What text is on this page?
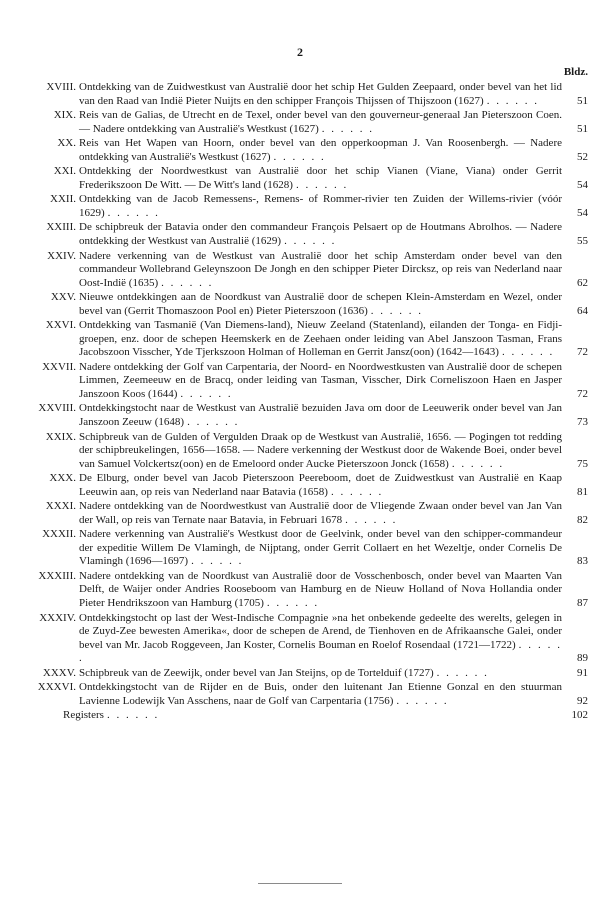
2
Bldz.
XVIII. Ontdekking van de Zuidwestkust van Australië door het schip Het Gulden Zeepaard, onder bevel van het lid van den Raad van Indië Pieter Nuijts en den schipper François Thijssen of Thijszoon (1627) . . . . . .	51
XIX. Reis van de Galias, de Utrecht en de Texel, onder bevel van den gouverneur-generaal Jan Pieterszoon Coen. — Nadere ontdekking van Australië's Westkust (1627) . . . . . .	51
XX. Reis van Het Wapen van Hoorn, onder bevel van den opperkoopman J. Van Roosenbergh. — Nadere ontdekking van Australië's Westkust (1627) . . . . . .	52
XXI. Ontdekking der Noordwestkust van Australië door het schip Vianen (Viane, Viana) onder Gerrit Frederikszoon De Witt. — De Witt's land (1628) . . . . . .	54
XXII. Ontdekking van de Jacob Remessens-, Remens- of Rommer-rivier ten Zuiden der Willems-rivier (vóór 1629) . . . . . .	54
XXIII. De schipbreuk der Batavia onder den commandeur François Pelsaert op de Houtmans Abrolhos. — Nadere ontdekking der Westkust van Australië (1629) . . . . . .	55
XXIV. Nadere verkenning van de Westkust van Australië door het schip Amsterdam onder bevel van den commandeur Wollebrand Geleynszoon De Jongh en den schipper Pieter Dircksz, op reis van Nederland naar Oost-Indië (1635) . . . . . .	62
XXV. Nieuwe ontdekkingen aan de Noordkust van Australië door de schepen Klein-Amsterdam en Wezel, onder bevel van (Gerrit Thomaszoon Pool en) Pieter Pieterszoon (1636) . . . . . .	64
XXVI. Ontdekking van Tasmanië (Van Diemens-land), Nieuw Zeeland (Statenland), eilanden der Tonga- en Fidji-groepen, enz. door de schepen Heemskerk en de Zeehaen onder leiding van Abel Janszoon Tasman, Frans Jacobszoon Visscher, Yde Tjerkszoon Holman of Holleman en Gerrit Jansz(oon) (1642—1643) . . . . . .	72
XXVII. Nadere ontdekking der Golf van Carpentaria, der Noord- en Noordwestkusten van Australië door de schepen Limmen, Zeemeeuw en de Bracq, onder leiding van Tasman, Visscher, Dirk Corneliszoon Haen en Jasper Janszoon Koos (1644) . . . . . .	72
XXVIII. Ontdekkingstocht naar de Westkust van Australië bezuiden Java om door de Leeuwerik onder bevel van Jan Janszoon Zeeuw (1648) . . . . . .	73
XXIX. Schipbreuk van de Gulden of Vergulden Draak op de Westkust van Australië, 1656. — Pogingen tot redding der schipbreukelingen, 1656—1658. — Nadere verkenning der Westkust door de Wakende Boei, onder bevel van Samuel Volckertsz(oon) en de Emeloord onder Aucke Pieterszoon Jonck (1658) . . . . . .	75
XXX. De Elburg, onder bevel van Jacob Pieterszoon Peereboom, doet de Zuidwestkust van Australië en Kaap Leeuwin aan, op reis van Nederland naar Batavia (1658) . . . . . .	81
XXXI. Nadere ontdekking van de Noordwestkust van Australië door de Vliegende Zwaan onder bevel van Jan Van der Wall, op reis van Ternate naar Batavia, in Februari 1678 . . . . . .	82
XXXII. Nadere verkenning van Australië's Westkust door de Geelvink, onder bevel van den schipper-commandeur der expeditie Willem De Vlamingh, de Nijptang, onder Gerrit Collaert en het Wezeltje, onder Cornelis De Vlamingh (1696—1697) . . . . . .	83
XXXIII. Nadere ontdekking van de Noordkust van Australië door de Vosschenbosch, onder bevel van Maarten Van Delft, de Waijer onder Andries Rooseboom van Hamburg en de Nieuw Holland of Nova Hollandia onder Pieter Hendrikszoon van Hamburg (1705) . . . . . .	87
XXXIV. Ontdekkingstocht op last der West-Indische Compagnie »na het onbekende gedeelte des werelts, gelegen in de Zuyd-Zee bewesten Amerika«, door de schepen de Arend, de Tienhoven en de Afrikaansche Galei, onder bevel van Mr. Jacob Roggeveen, Jan Koster, Cornelis Bouman en Roelof Rosendaal (1721—1722) . . . . . .	89
XXXV. Schipbreuk van de Zeewijk, onder bevel van Jan Steijns, op de Tortelduif (1727) . . . . . .	91
XXXVI. Ontdekkingstocht van de Rijder en de Buis, onder den luitenant Jan Etienne Gonzal en den stuurman Lavienne Lodewijk Van Asschens, naar de Golf van Carpentaria (1756) . . . . . .	92
Registers . . . . . .	102
